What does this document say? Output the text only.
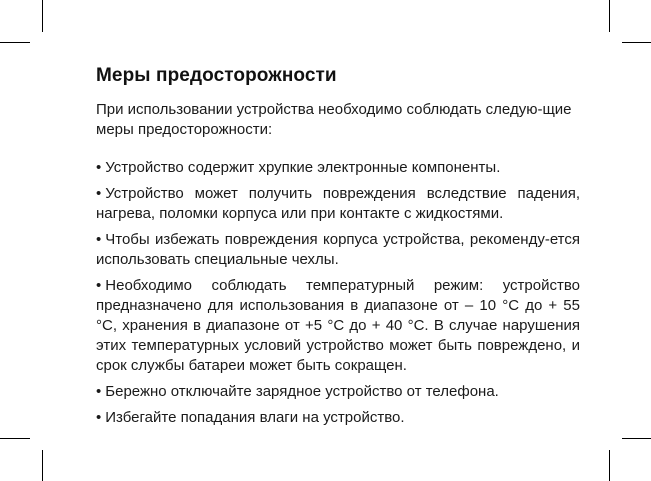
Меры предосторожности

При использовании устройства необходимо соблюдать следую-щие меры предосторожности:

• Устройство содержит хрупкие электронные компоненты.
• Устройство может получить повреждения вследствие падения, нагрева, поломки корпуса или при контакте с жидкостями.
• Чтобы избежать повреждения корпуса устройства, рекоменду-ется использовать специальные чехлы.
• Необходимо соблюдать температурный режим: устройство предназначено для использования в диапазоне от – 10 °С до + 55 °С, хранения в диапазоне от +5 °С до + 40 °С. В случае нарушения этих температурных условий устройство может быть повреждено, и срок службы батареи может быть сокращен.
• Бережно отключайте зарядное устройство от телефона.
• Избегайте попадания влаги на устройство.
